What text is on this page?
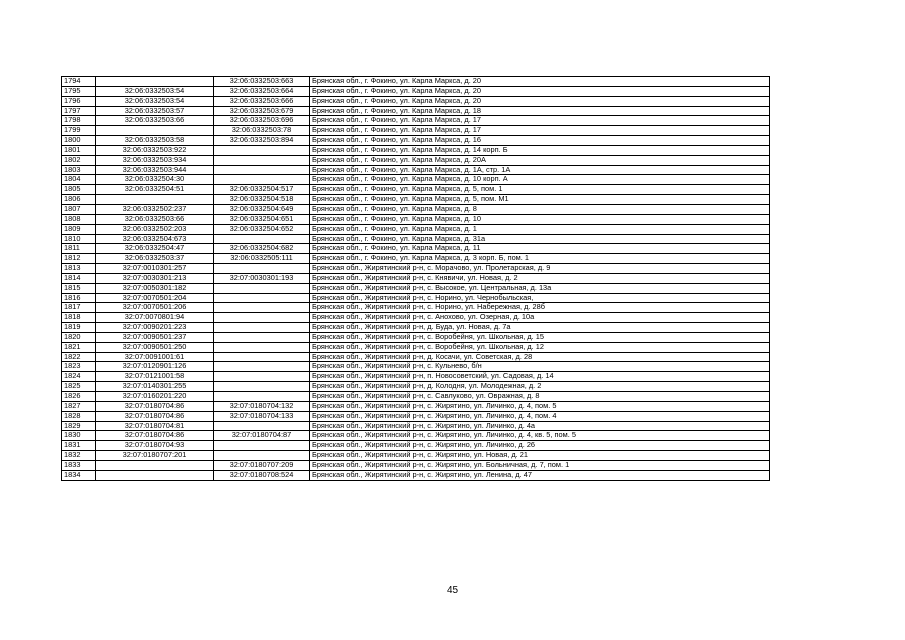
1794		32:06:0332503:663	Брянская обл., г. Фокино, ул. Карла Маркса, д. 20
1795	32:06:0332503:54	32:06:0332503:664	Брянская обл., г. Фокино, ул. Карла Маркса, д. 20
1796	32:06:0332503:54	32:06:0332503:666	Брянская обл., г. Фокино, ул. Карла Маркса, д. 20
1797	32:06:0332503:57	32:06:0332503:679	Брянская обл., г. Фокино, ул. Карла Маркса, д. 18
1798	32:06:0332503:66	32:06:0332503:696	Брянская обл., г. Фокино, ул. Карла Маркса, д. 17
1799		32:06:0332503:78	Брянская обл., г. Фокино, ул. Карла Маркса, д. 17
1800	32:06:0332503:58	32:06:0332503:894	Брянская обл., г. Фокино, ул. Карла Маркса, д. 16
1801	32:06:0332503:922		Брянская обл., г. Фокино, ул. Карла Маркса, д. 14 корп. Б
1802	32:06:0332503:934		Брянская обл., г. Фокино, ул. Карла Маркса, д. 20А
1803	32:06:0332503:944		Брянская обл., г. Фокино, ул. Карла Маркса, д. 1А, стр. 1А
1804	32:06:0332504:30		Брянская обл., г. Фокино, ул. Карла Маркса, д. 10 корп. А
1805	32:06:0332504:51	32:06:0332504:517	Брянская обл., г. Фокино, ул. Карла Маркса, д. 5, пом. 1
1806		32:06:0332504:518	Брянская обл., г. Фокино, ул. Карла Маркса, д. 5, пом. М1
1807	32:06:0332502:237	32:06:0332504:649	Брянская обл., г. Фокино, ул. Карла Маркса, д. 8
1808	32:06:0332503:66	32:06:0332504:651	Брянская обл., г. Фокино, ул. Карла Маркса, д. 10
1809	32:06:0332502:203	32:06:0332504:652	Брянская обл., г. Фокино, ул. Карла Маркса, д. 1
1810	32:06:0332504:673		Брянская обл., г. Фокино, ул. Карла Маркса, д. 31а
1811	32:06:0332504:47	32:06:0332504:682	Брянская обл., г. Фокино, ул. Карла Маркса, д. 11
1812	32:06:0332503:37	32:06:0332505:111	Брянская обл., г. Фокино, ул. Карла Маркса, д. 3 корп. Б, пом. 1
1813	32:07:0010301:257		Брянская обл., Жирятинский р-н, с. Морачово, ул. Пролетарская, д. 9
1814	32:07:0030301:213	32:07:0030301:193	Брянская обл., Жирятинский р-н, с. Княвичи, ул. Новая, д. 2
1815	32:07:0050301:182		Брянская обл., Жирятинский р-н, с. Высокое, ул. Центральная, д. 13а
1816	32:07:0070501:204		Брянская обл., Жирятинский р-н, с. Норино, ул. Чернобыльская,
1817	32:07:0070501:206		Брянская обл., Жирятинский р-н, с. Норино, ул. Набережная, д. 28б
1818	32:07:0070801:94		Брянская обл., Жирятинский р-н, с. Анохово, ул. Озерная, д. 10а
1819	32:07:0090201:223		Брянская обл., Жирятинский р-н, д. Буда, ул. Новая, д. 7а
1820	32:07:0090501:237		Брянская обл., Жирятинский р-н, с. Воробейня, ул. Школьная, д. 15
1821	32:07:0090501:250		Брянская обл., Жирятинский р-н, с. Воробейня, ул. Школьная, д. 12
1822	32:07:0091001:61		Брянская обл., Жирятинский р-н, д. Косачи, ул. Советская, д. 28
1823	32:07:0120901:126		Брянская обл., Жирятинский р-н, с. Кульнево, б/н
1824	32:07:0121001:58		Брянская обл., Жирятинский р-н, п. Новосоветский, ул. Садовая, д. 14
1825	32:07:0140301:255		Брянская обл., Жирятинский р-н, д. Колодня, ул. Молодежная, д. 2
1826	32:07:0160201:220		Брянская обл., Жирятинский р-н, с. Савлуково, ул. Овражная, д. 8
1827	32:07:0180704:86	32:07:0180704:132	Брянская обл., Жирятинский р-н, с. Жирятино, ул. Личинко, д. 4, пом. 5
1828	32:07:0180704:86	32:07:0180704:133	Брянская обл., Жирятинский р-н, с. Жирятино, ул. Личинко, д. 4, пом. 4
1829	32:07:0180704:81		Брянская обл., Жирятинский р-н, с. Жирятино, ул. Личинко, д. 4а
1830	32:07:0180704:86	32:07:0180704:87	Брянская обл., Жирятинский р-н, с. Жирятино, ул. Личинко, д. 4, кв. 5, пом. 5
1831	32:07:0180704:93		Брянская обл., Жирятинский р-н, с. Жирятино, ул. Личинко, д. 26
1832	32:07:0180707:201		Брянская обл., Жирятинский р-н, с. Жирятино, ул. Новая, д. 21
1833		32:07:0180707:209	Брянская обл., Жирятинский р-н, с. Жирятино, ул. Больничная, д. 7, пом. 1
1834		32:07:0180708:524	Брянская обл., Жирятинский р-н, с. Жирятино, ул. Ленина, д. 47
45
